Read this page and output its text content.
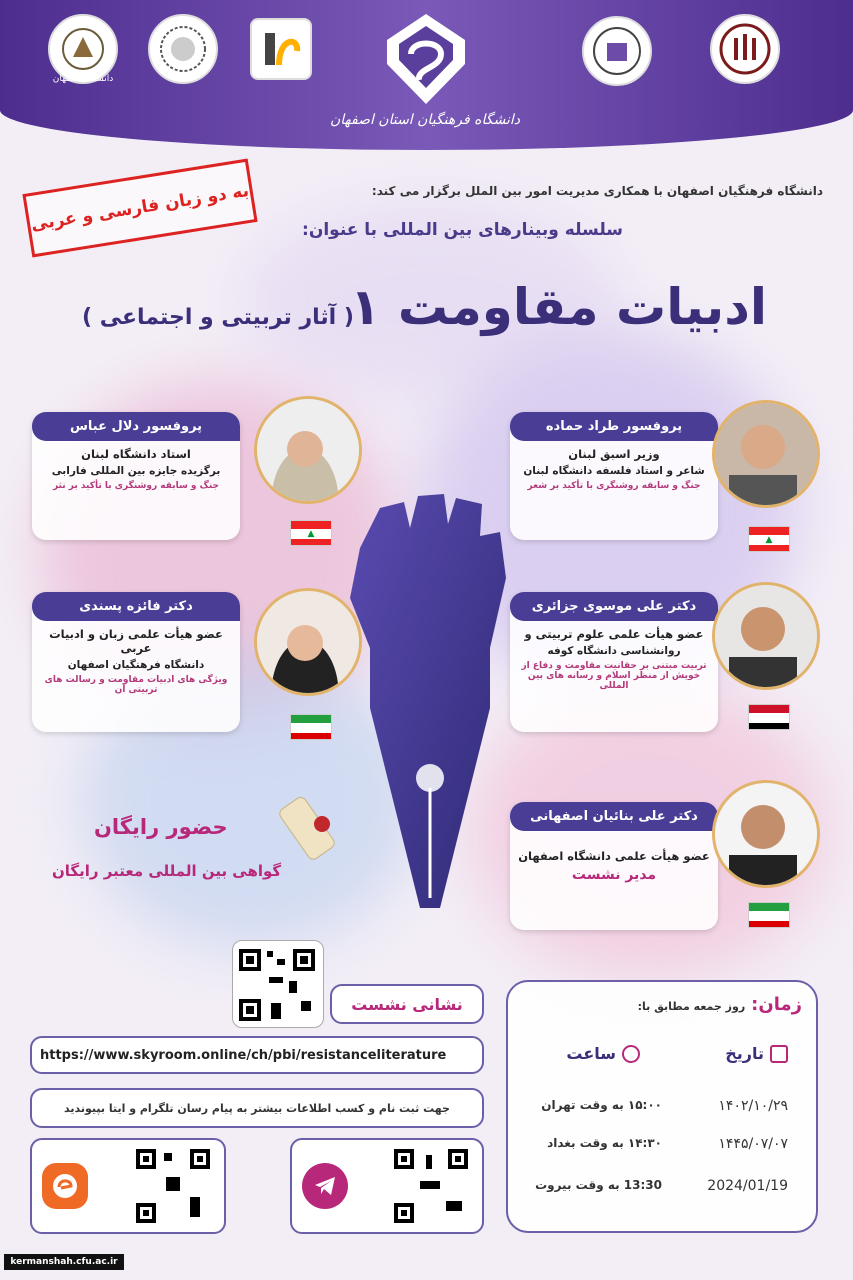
دانشگاه اصفهان
دانشگاه فرهنگیان استان اصفهان
دانشگاه فرهنگیان اصفهان با همکاری مدیریت امور بین الملل برگزار می کند:
به دو زبان فارسی و عربی	سلسله وبینارهای بین المللی با عنوان:
ادبیات مقاومت ۱
( آثار تربیتی و اجتماعی )
پروفسور طراد حماده
وزیر اسبق لبنان
شاعر و استاد فلسفه دانشگاه لبنان
جنگ و سابقه روشنگری با تأکید بر شعر
▲
پروفسور دلال عباس
استاد دانشگاه لبنان
برگزیده جایزه بین المللی فارابی
جنگ و سابقه روشنگری با تأکید بر نثر
▲
دکتر علی موسوی جزائری
عضو هیأت علمی علوم تربیتی و
روانشناسی دانشگاه کوفه
تربیت مبتنی بر حقانیت مقاومت و دفاع از خویش از منظر اسلام و رسانه های بین المللی
دکتر فائزه پسندی
عضو هیأت علمی زبان و ادبیات عربی
دانشگاه فرهنگیان اصفهان
ویژگی های ادبیات مقاومت و رسالت های تربیتی آن
دکتر علی بنائیان اصفهانی
عضو هیأت علمی دانشگاه اصفهان
مدیر نشست
حضور رایگان
گواهی بین المللی معتبر رایگان
نشانی نشست
https://www.skyroom.online/ch/pbi/resistanceliterature
جهت ثبت نام و کسب اطلاعات بیشتر به پیام رسان تلگرام و ایتا بپیوندید
زمان:
روز جمعه مطابق با:
تاریخ
ساعت
۱۴۰۲/۱۰/۲۹
۱۵:۰۰ به وقت تهران
۱۴۴۵/۰۷/۰۷
۱۴:۳۰ به وقت بغداد
2024/01/19
13:30 به وقت بیروت
kermanshah.cfu.ac.ir
